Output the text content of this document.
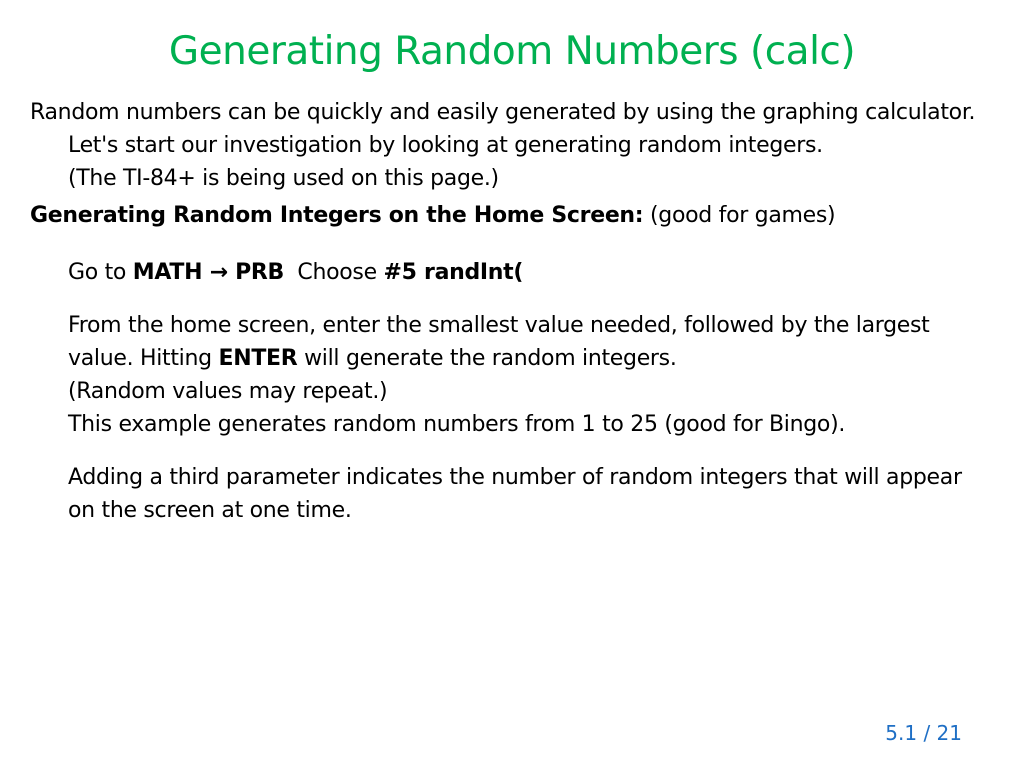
Generating Random Numbers (calc)

Random numbers can be quickly and easily generated by using the graphing calculator.

Let's start our investigation by looking at generating random integers.

(The TI-84+ is being used on this page.)

Generating Random Integers on the Home Screen: (good for games)

Go to MATH → PRB Choose #5 randInt(

From the home screen, enter the smallest value needed, followed by the largest value. Hitting ENTER will generate the random integers.

(Random values may repeat.)

This example generates random numbers from 1 to 25 (good for Bingo).

Adding a third parameter indicates the number of random integers that will appear on the screen at one time.

5.1 / 21
